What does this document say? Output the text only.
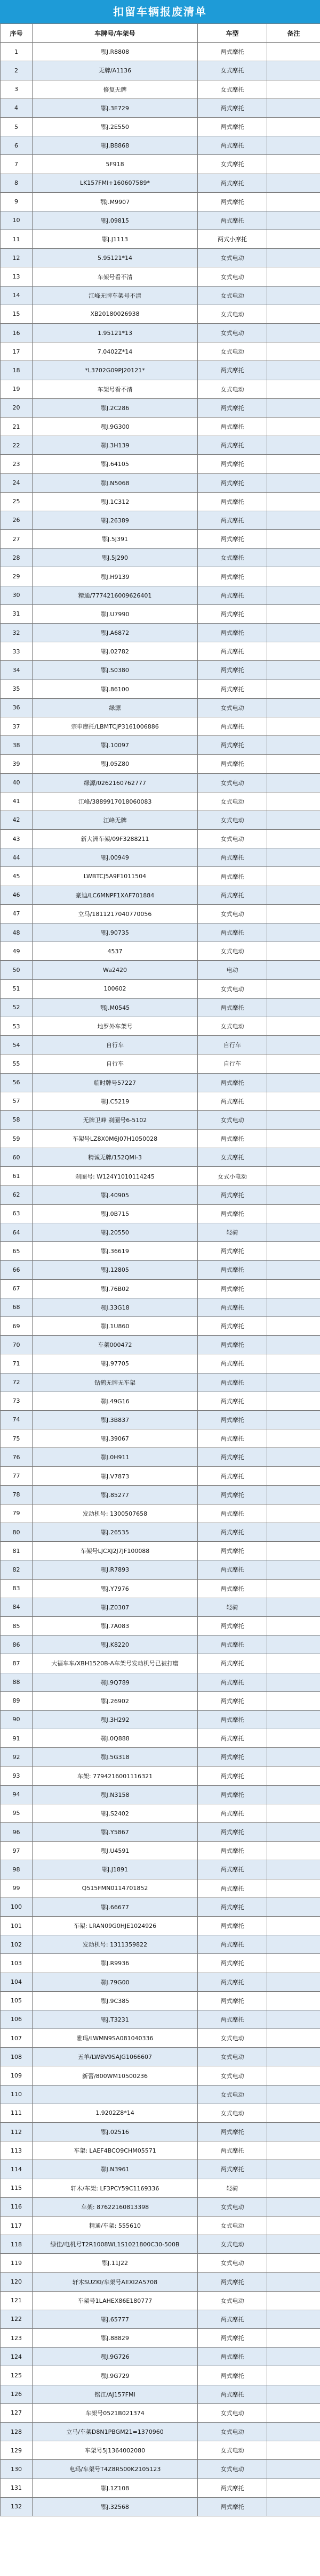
扣留车辆报废清单
序号	车牌号/车架号	车型	备注
1	鄂J.R8808	两式摩托	
2	无牌/A1136	女式摩托	
3	修复无牌	女式摩托	
4	鄂J.3E729	两式摩托	
5	鄂J.2E550	两式摩托	
6	鄂J.B8868	两式摩托	
7	5F918	女式摩托	
8	LK157FMI+160607589*	两式摩托	
9	鄂J.M9907	两式摩托	
10	鄂J.09815	两式摩托	
11	鄂J.J1113	两式小摩托	
12	5.95121*14	女式电动	
13	车架号看不清	女式电动	
14	江峰无牌车架号不清	女式电动	
15	XB20180026938	女式电动	
16	1.95121*13	女式电动	
17	7.0402Z*14	女式电动	
18	*L3702G09PJ20121*	两式摩托	
19	车架号看不清	女式电动	
20	鄂J.2C286	两式摩托	
21	鄂J.9G300	两式摩托	
22	鄂J.3H139	两式摩托	
23	鄂J.64105	两式摩托	
24	鄂J.N5068	两式摩托	
25	鄂J.1C312	两式摩托	
26	鄂J.26389	两式摩托	
27	鄂J.5J391	两式摩托	
28	鄂J.5J290	女式摩托	
29	鄂J.H9139	两式摩托	
30	精通/7774216009626401	两式摩托	
31	鄂J.U7990	两式摩托	
32	鄂J.A6872	两式摩托	
33	鄂J.02782	两式摩托	
34	鄂J.S0380	两式摩托	
35	鄂J.86100	两式摩托	
36	绿源	女式电动	
37	宗申摩托/LBMTCJP3161006886	两式摩托	
38	鄂J.10097	两式摩托	
39	鄂J.05Z80	两式摩托	
40	绿源/0262160762777	女式电动	
41	江峰/3889917018060083	女式电动	
42	江峰无牌	女式电动	
43	新大洲车架/09F3288211	女式电动	
44	鄂J.00949	两式摩托	
45	LWBTCJ5A9F1011504	两式摩托	
46	豪迪/LC6MNPF1XAF701884	两式摩托	
47	立马/1811217040770056	女式电动	
48	鄂J.90735	两式摩托	
49	4537	女式电动	
50	Wa2420	电动	
51	100602	女式电动	
52	鄂J.M0545	两式摩托	
53	地罗外车架号	女式电动	
54	自行车	自行车	
55	自行车	自行车	
56	临时牌号57227	两式摩托	
57	鄂J.C5219	两式摩托	
58	无牌卫峰 刹圈号6-5102	女式电动	
59	车架号LZ8X0M6J07H1050028	两式摩托	
60	精诚无牌/152QMI-3	女式摩托	
61	刹圈号: W124Y1010114245	女式小电动	
62	鄂J.40905	两式摩托	
63	鄂J.0B715	两式摩托	
64	鄂J.20550	轻骑	
65	鄂J.36619	两式摩托	
66	鄂J.12805	两式摩托	
67	鄂J.76B02	两式摩托	
68	鄂J.33G18	两式摩托	
69	鄂J.1U860	两式摩托	
70	车架000472	两式摩托	
71	鄂J.97705	两式摩托	
72	钻鹤无牌无车架	两式摩托	
73	鄂J.49G16	两式摩托	
74	鄂J.3B837	两式摩托	
75	鄂J.39067	两式摩托	
76	鄂J.0H911	两式摩托	
77	鄂J.V7873	两式摩托	
78	鄂J.85277	两式摩托	
79	发动机号: 1300507658	两式摩托	
80	鄂J.26535	两式摩托	
81	车架号LJCXJ2J7JF100088	两式摩托	
82	鄂J.R7893	两式摩托	
83	鄂J.Y7976	两式摩托	
84	鄂J.Z0307	轻骑	
85	鄂J.7A083	两式摩托	
86	鄂J.K8220	两式摩托	
87	大福车车/XBH1520B-A车架号发动机号已被打磨	两式摩托	
88	鄂J.9Q789	两式摩托	
89	鄂J.26902	两式摩托	
90	鄂J.3H292	两式摩托	
91	鄂J.0Q888	两式摩托	
92	鄂J.5G318	两式摩托	
93	车架: 7794216001116321	两式摩托	
94	鄂J.N3158	两式摩托	
95	鄂J.S2402	两式摩托	
96	鄂J.Y5867	两式摩托	
97	鄂J.U4591	两式摩托	
98	鄂J.J1891	两式摩托	
99	Q515FMN0114701852	两式摩托	
100	鄂J.66677	两式摩托	
101	车架: LRAN09G0HJE1024926	两式摩托	
102	发动机号: 1311359822	两式摩托	
103	鄂J.R9936	两式摩托	
104	鄂J.79G00	两式摩托	
105	鄂J.9C385	两式摩托	
106	鄂J.T3231	两式摩托	
107	雅玛/LWMN9SA081040336	女式电动	
108	五羊/LWBV9SAJG1066607	女式电动	
109	新蕾/800WM10500236	女式电动	
110		女式电动	
111	1.9202Z8*14	女式电动	
112	鄂J.02516	两式摩托	
113	车架: LAEF4BCO9CHM05571	两式摩托	
114	鄂J.N3961	两式摩托	
115	轩木/车架: LF3PCY59C1169336	轻骑	
116	车架: 87622160813398	女式电动	
117	精通/车架: 555610	女式电动	
118	绿佳/电机号T2R1008WL1S1021800C30-500B	女式电动	
119	鄂J.11J22	女式电动	
120	轩木SUZKI/车架号AEXI2A5708	两式摩托	
121	车架号1LAHEX86E180777	女式电动	
122	鄂J.65777	两式摩托	
123	鄂J.88829	两式摩托	
124	鄂J.9G726	两式摩托	
125	鄂J.9G729	两式摩托	
126	铭江/AJ157FMI	两式摩托	
127	车架号0521B021374	女式电动	
128	立马/车架D8N1PBGM21=1370960	女式电动	
129	车架号5J1364002080	女式电动	
130	电玛/车架号T4Z8R500K2105123	女式电动	
131	鄂J.1Z108	两式摩托	
132	鄂J.32568	两式摩托	
